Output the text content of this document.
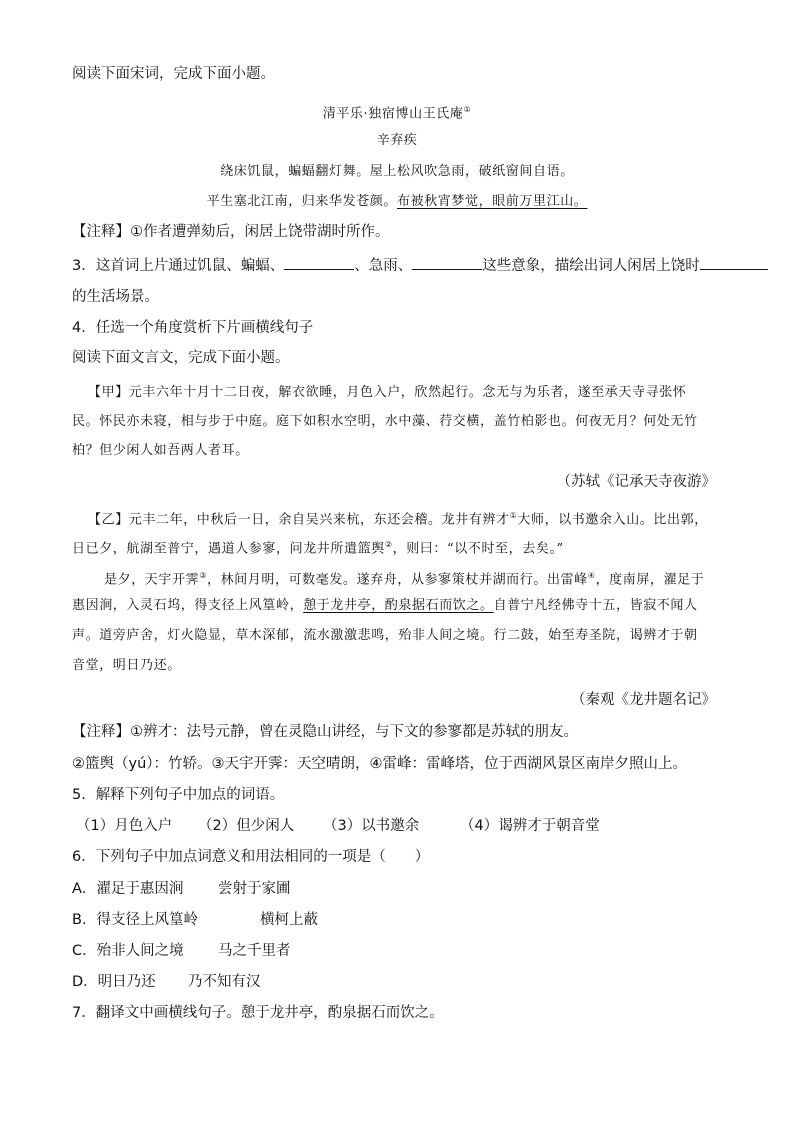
阅读下面宋词，完成下面小题。
清平乐·独宿博山王氏庵①
辛弃疾
绕床饥鼠，蝙蝠翻灯舞。屋上松风吹急雨，破纸窗间自语。
平生塞北江南，归来华发苍颜。布被秋宵梦觉，眼前万里江山。
【注释】①作者遭弹劾后，闲居上饶带湖时所作。
3．这首词上片通过饥鼠、蝙蝠、	、急雨、	这些意象，描绘出词人闲居上饶时
的生活场景。
4．任选一个角度赏析下片画横线句子
阅读下面文言文，完成下面小题。
【甲】元丰六年十月十二日夜，解衣欲睡，月色入户，欣然起行。念无与为乐者，遂至承天寺寻张怀
民。怀民亦未寝，相与步于中庭。庭下如积水空明，水中藻、荇交横，盖竹柏影也。何夜无月？何处无竹
柏？但少闲人如吾两人者耳。
（苏轼《记承天寺夜游》
【乙】元丰二年，中秋后一日，余自吴兴来杭，东还会稽。龙井有辨才①大师，以书邀余入山。比出郭，
日已夕，航湖至普宁，遇道人参寥，问龙井所遣篮舆②，则曰：“以不时至，去矣。”
是夕，天宇开霁③，林间月明，可数毫发。遂弃舟，从参寥策杖并湖而行。出雷峰④，度南屏，濯足于
惠因涧，入灵石坞，得支径上风篁岭，憩于龙井亭，酌泉据石而饮之。自普宁凡经佛寺十五，皆寂不闻人
声。道旁庐舍，灯火隐显，草木深郁，流水激激悲鸣，殆非人间之境。行二鼓，始至寿圣院，谒辨才于朝
音堂，明日乃还。
（秦观《龙井题名记》
【注释】①辨才：法号元静，曾在灵隐山讲经，与下文的参寥都是苏轼的朋友。
②篮舆（yú）：竹轿。③天宇开霁：天空晴朗，④雷峰：雷峰塔，位于西湖风景区南岸夕照山上。
5．解释下列句子中加点的词语。
（1）月色入户 （2）但少闲人 （3）以书邀余	（4）谒辨才于朝音堂
6．下列句子中加点词意义和用法相同的一项是（　　）
A．濯足于惠因涧 尝射于家圃
B．得支径上风篁岭	横柯上蔽
C．殆非人间之境 马之千里者
D．明日乃还 乃不知有汉
7．翻译文中画横线句子。憩于龙井亭，酌泉据石而饮之。
